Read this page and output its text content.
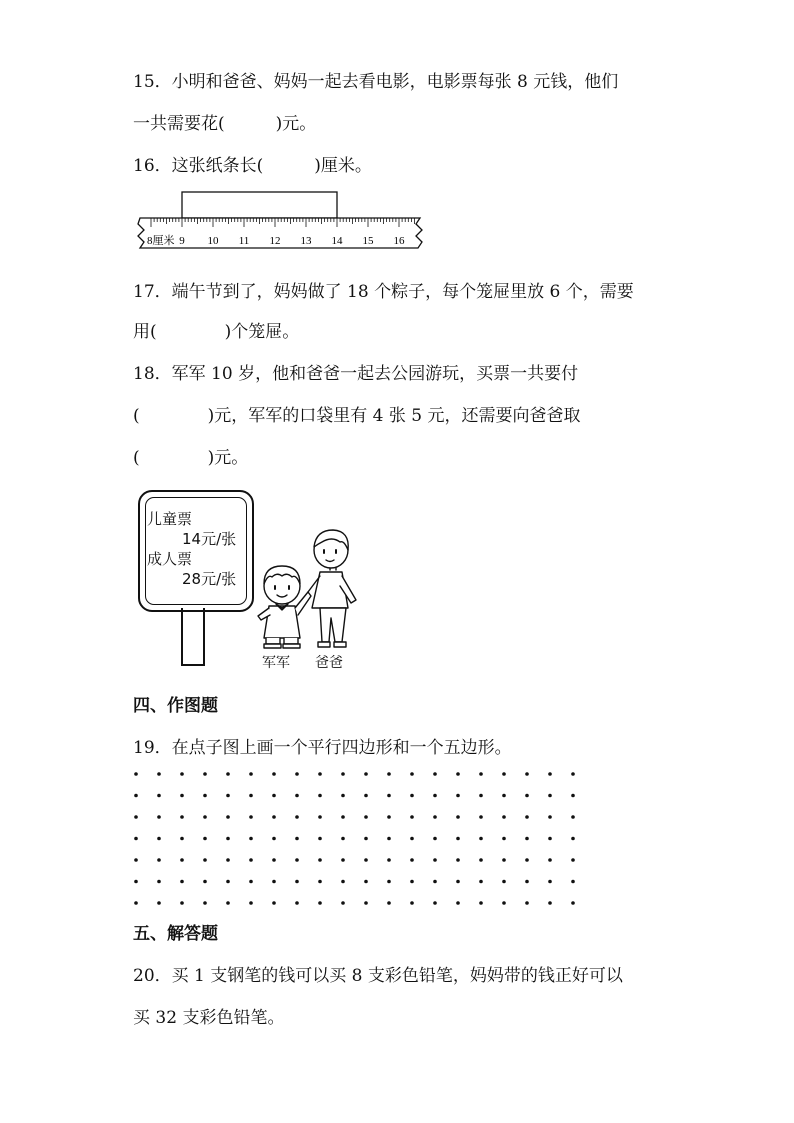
15．小明和爸爸、妈妈一起去看电影，电影票每张 8 元钱，他们
一共需要花(　　　)元。
16．这张纸条长(　　　)厘米。
8厘米 9 10 11 12 13 14 15 16
17．端午节到了，妈妈做了 18 个粽子，每个笼屉里放 6 个，需要
用(　　　　)个笼屉。
18．军军 10 岁，他和爸爸一起去公园游玩，买票一共要付
(　　　　)元，军军的口袋里有 4 张 5 元，还需要向爸爸取
(　　　　)元。
儿童票
14元/张
成人票
28元/张
军军 爸爸
四、作图题
19．在点子图上画一个平行四边形和一个五边形。
五、解答题
20．买 1 支钢笔的钱可以买 8 支彩色铅笔，妈妈带的钱正好可以
买 32 支彩色铅笔。
